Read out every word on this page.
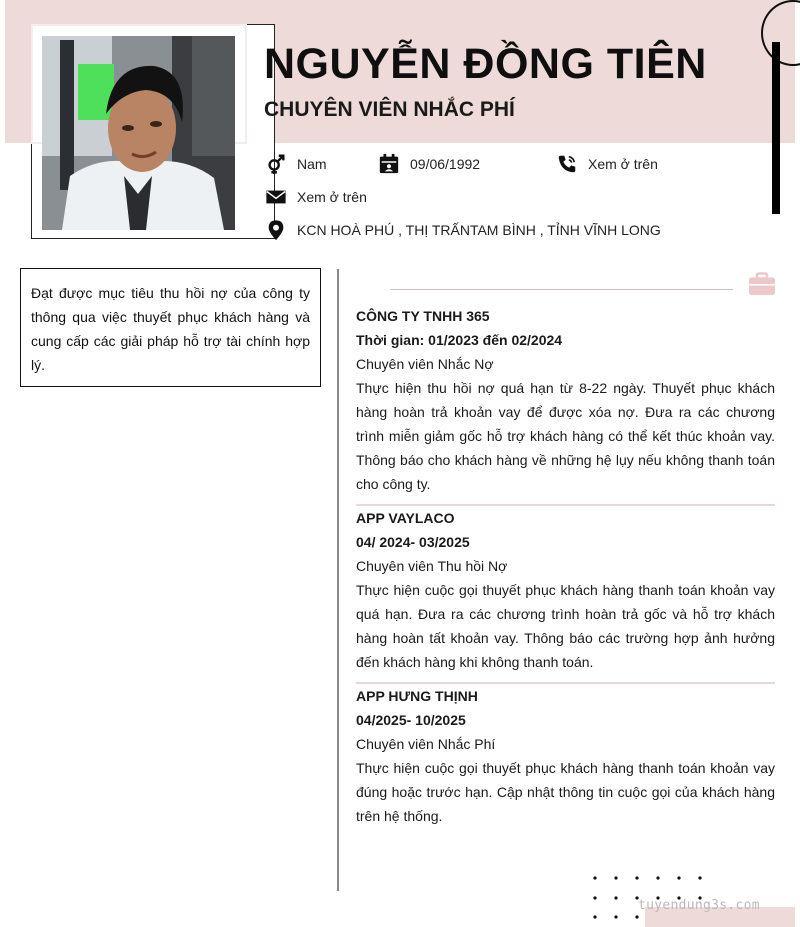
NGUYỄN ĐỒNG TIÊN
CHUYÊN VIÊN NHẮC PHÍ
Nam	09/06/1992	Xem ở trên
Xem ở trên
KCN HOÀ PHÚ , THỊ TRẤNTAM BÌNH , TỈNH VĨNH LONG
Đạt được mục tiêu thu hồi nợ của công ty thông qua việc thuyết phục khách hàng và cung cấp các giải pháp hỗ trợ tài chính hợp lý.
CÔNG TY TNHH 365
Thời gian: 01/2023 đến 02/2024
Chuyên viên Nhắc Nợ
Thực hiện thu hồi nợ quá hạn từ 8-22 ngày. Thuyết phục khách hàng hoàn trả khoản vay để được xóa nợ. Đưa ra các chương trình miễn giảm gốc hỗ trợ khách hàng có thể kết thúc khoản vay. Thông báo cho khách hàng về những hệ lụy nếu không thanh toán cho công ty.
APP VAYLACO
04/ 2024- 03/2025
Chuyên viên Thu hồi Nợ
Thực hiện cuộc gọi thuyết phục khách hàng thanh toán khoản vay quá hạn. Đưa ra các chương trình hoàn trả gốc và hỗ trợ khách hàng hoàn tất khoản vay. Thông báo các trường hợp ảnh hưởng đến khách hàng khi không thanh toán.
APP HƯNG THỊNH
04/2025- 10/2025
Chuyên viên Nhắc Phí
Thực hiện cuộc gọi thuyết phục khách hàng thanh toán khoản vay đúng hoặc trước hạn. Cập nhật thông tin cuộc gọi của khách hàng trên hệ thống.
tuyendung3s.com
